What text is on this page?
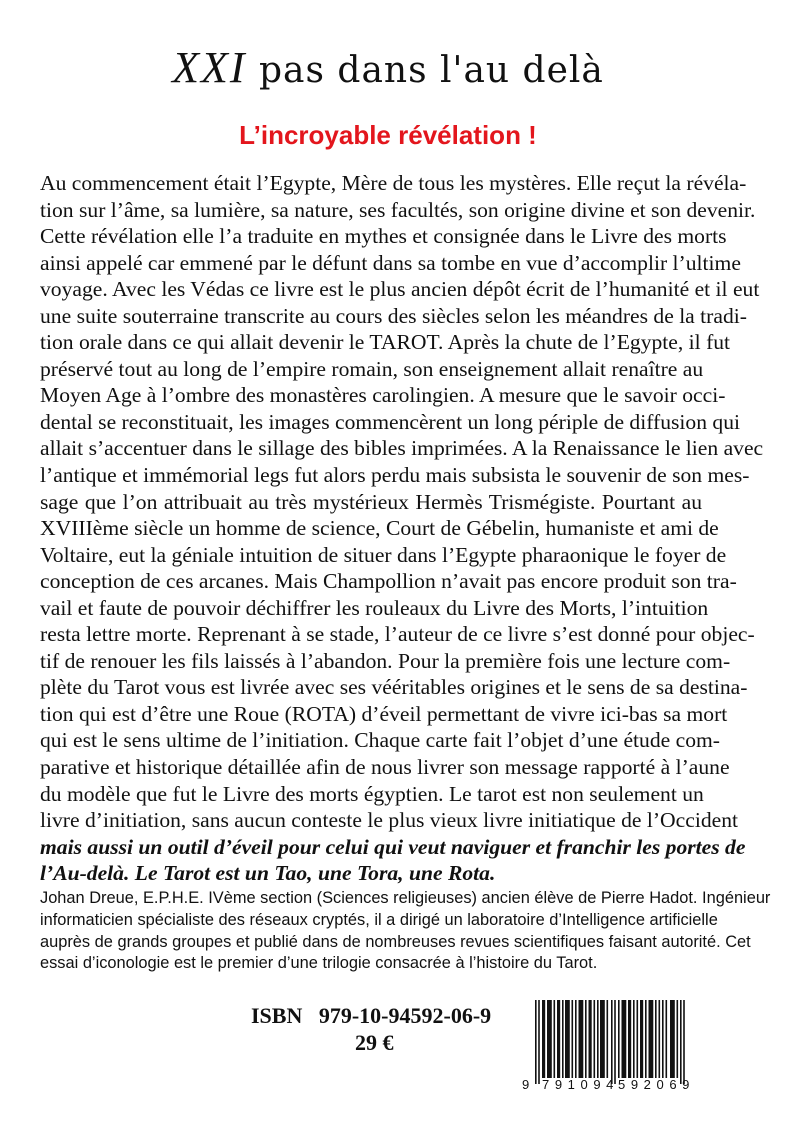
XXI pas dans l'au delà
L’incroyable révélation !
Au commencement était l’Egypte, Mère de tous les mystères. Elle reçut la révéla-
tion sur l’âme, sa lumière, sa nature, ses facultés, son origine divine et son devenir.
Cette révélation elle l’a traduite en mythes et consignée dans le Livre des morts
ainsi appelé car emmené par le défunt dans sa tombe en vue d’accomplir l’ultime
voyage. Avec les Védas ce livre est le plus ancien dépôt écrit de l’humanité et il eut
une suite souterraine transcrite au cours des siècles selon les méandres de la tradi-
tion orale dans ce qui allait devenir le TAROT. Après la chute de l’Egypte, il fut
préservé tout au long de l’empire romain, son enseignement allait renaître au
Moyen Age à l’ombre des monastères carolingien. A mesure que le savoir occi-
dental se reconstituait, les images commencèrent un long périple de diffusion qui
allait s’accentuer dans le sillage des bibles imprimées. A la Renaissance le lien avec
l’antique et immémorial legs fut alors perdu mais subsista le souvenir de son mes-
sage que l’on attribuait au très mystérieux Hermès Trismégiste. Pourtant au
XVIIIème siècle un homme de science, Court de Gébelin, humaniste et ami de
Voltaire, eut la géniale intuition de situer dans l’Egypte pharaonique le foyer de
conception de ces arcanes. Mais Champollion n’avait pas encore produit son tra-
vail et faute de pouvoir déchiffrer les rouleaux du Livre des Morts, l’intuition
resta lettre morte. Reprenant à se stade, l’auteur de ce livre s’est donné pour objec-
tif de renouer les fils laissés à l’abandon. Pour la première fois une lecture com-
plète du Tarot vous est livrée avec ses vééritables origines et le sens de sa destina-
tion qui est d’être une Roue (ROTA) d’éveil permettant de vivre ici-bas sa mort
qui est le sens ultime de l’initiation. Chaque carte fait l’objet d’une étude com-
parative et historique détaillée afin de nous livrer son message rapporté à l’aune
du modèle que fut le Livre des morts égyptien. Le tarot est non seulement un
livre d’initiation, sans aucun conteste le plus vieux livre initiatique de l’Occident
mais aussi un outil d’éveil pour celui qui veut naviguer et franchir les portes de
l’Au-delà. Le Tarot est un Tao, une Tora, une Rota.
Johan Dreue, E.P.H.E. IVème section (Sciences religieuses) ancien élève de Pierre Hadot. Ingénieur
informaticien spécialiste des réseaux cryptés, il a dirigé un laboratoire d’Intelligence artificielle
auprès de grands groupes et publié dans de nombreuses revues scientifiques faisant autorité. Cet
essai d’iconologie est le premier d’une trilogie consacrée à l’histoire du Tarot.
ISBN 979-10-94592-06-9
29 €
9 791094 592069
